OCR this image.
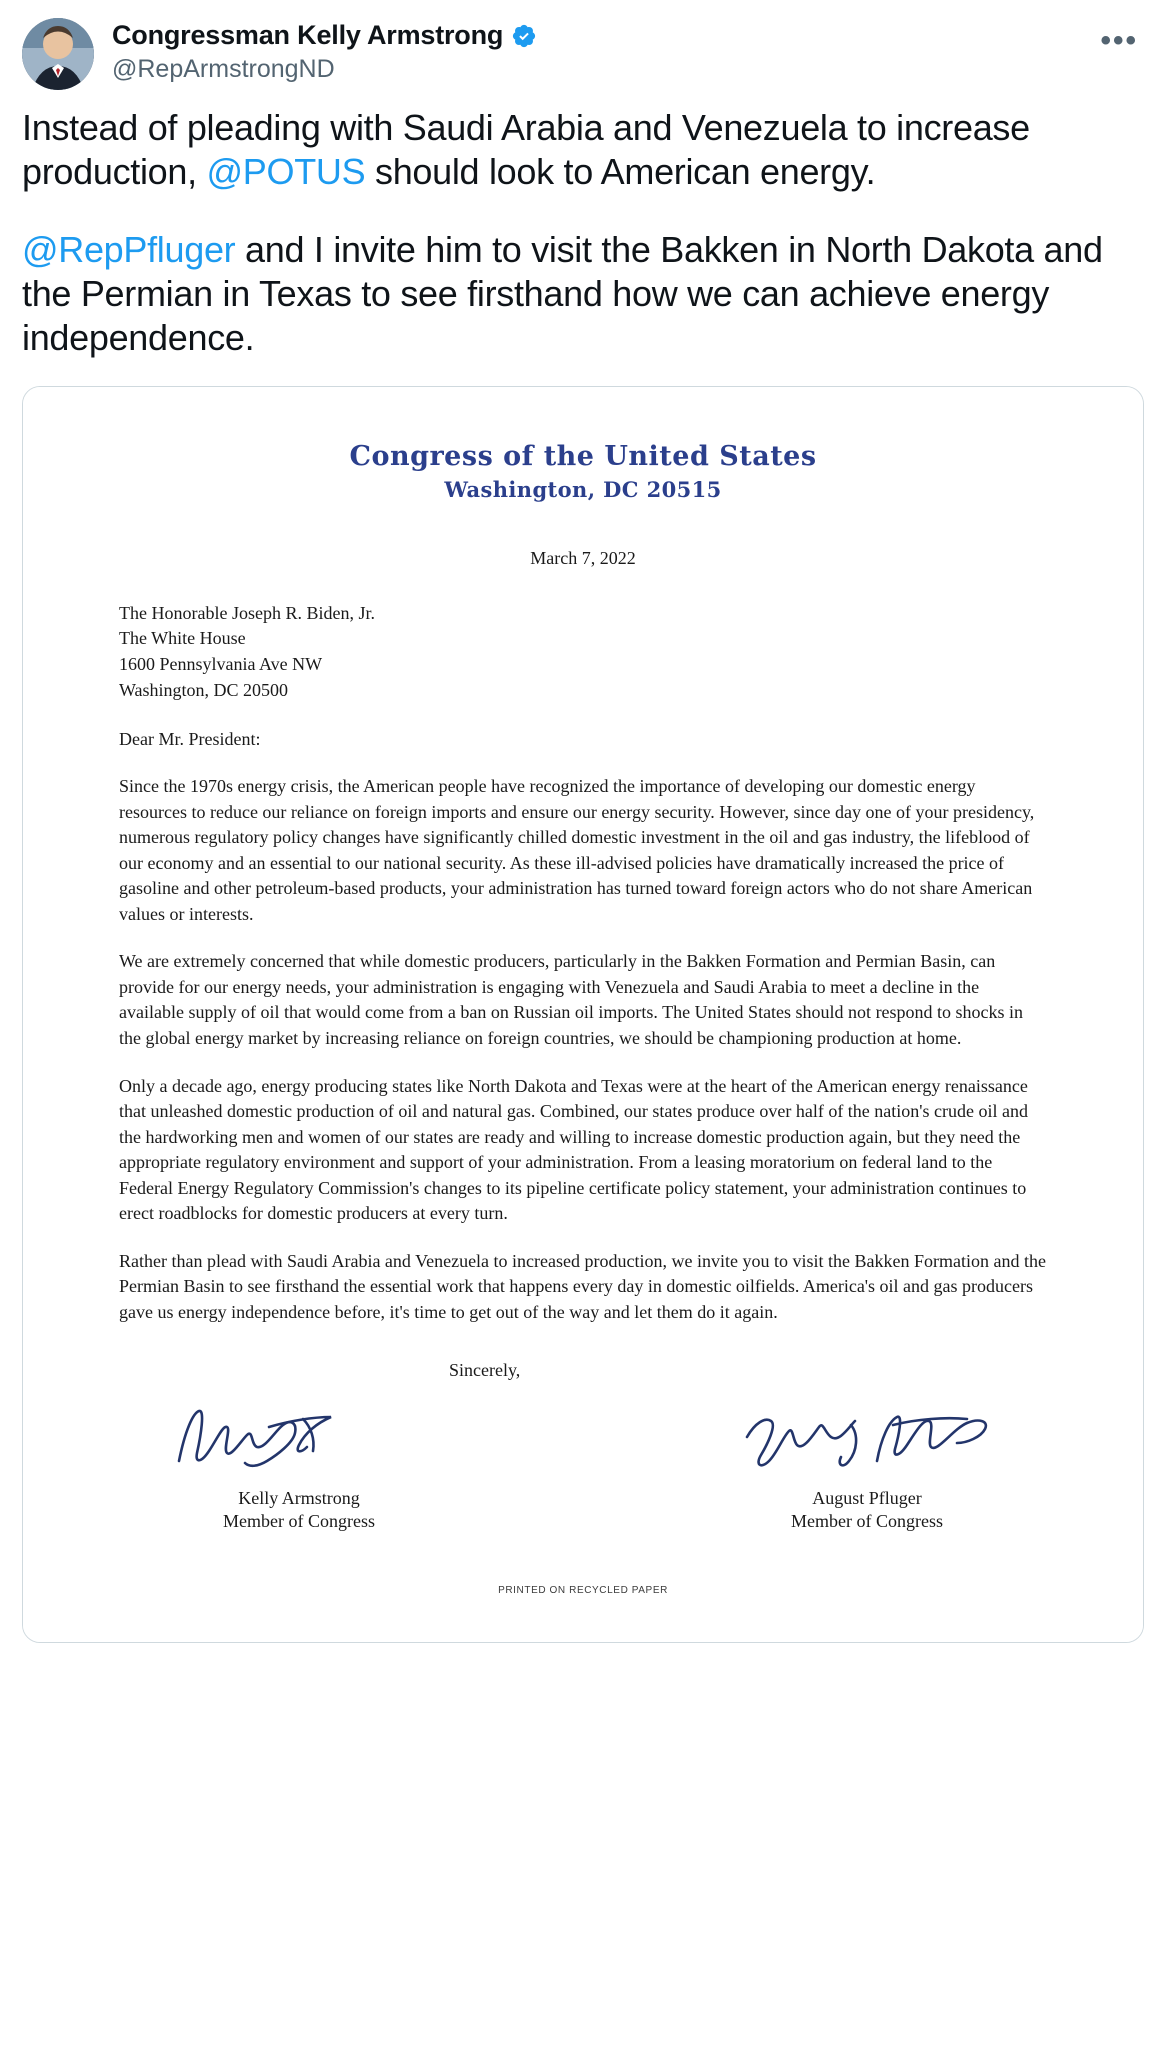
Congressman Kelly Armstrong
@RepArmstrongND
•••
Instead of pleading with Saudi Arabia and Venezuela to increase production, @POTUS should look to American energy.
@RepPfluger and I invite him to visit the Bakken in North Dakota and the Permian in Texas to see firsthand how we can achieve energy independence.
Congress of the United States
Washington, DC 20515
March 7, 2022
The Honorable Joseph R. Biden, Jr.
The White House
1600 Pennsylvania Ave NW
Washington, DC 20500
Dear Mr. President:
Since the 1970s energy crisis, the American people have recognized the importance of developing our domestic energy resources to reduce our reliance on foreign imports and ensure our energy security. However, since day one of your presidency, numerous regulatory policy changes have significantly chilled domestic investment in the oil and gas industry, the lifeblood of our economy and an essential to our national security. As these ill-advised policies have dramatically increased the price of gasoline and other petroleum-based products, your administration has turned toward foreign actors who do not share American values or interests.
We are extremely concerned that while domestic producers, particularly in the Bakken Formation and Permian Basin, can provide for our energy needs, your administration is engaging with Venezuela and Saudi Arabia to meet a decline in the available supply of oil that would come from a ban on Russian oil imports. The United States should not respond to shocks in the global energy market by increasing reliance on foreign countries, we should be championing production at home.
Only a decade ago, energy producing states like North Dakota and Texas were at the heart of the American energy renaissance that unleashed domestic production of oil and natural gas. Combined, our states produce over half of the nation's crude oil and the hardworking men and women of our states are ready and willing to increase domestic production again, but they need the appropriate regulatory environment and support of your administration. From a leasing moratorium on federal land to the Federal Energy Regulatory Commission's changes to its pipeline certificate policy statement, your administration continues to erect roadblocks for domestic producers at every turn.
Rather than plead with Saudi Arabia and Venezuela to increased production, we invite you to visit the Bakken Formation and the Permian Basin to see firsthand the essential work that happens every day in domestic oilfields. America's oil and gas producers gave us energy independence before, it's time to get out of the way and let them do it again.
Sincerely,
Kelly Armstrong
Member of Congress
August Pfluger
Member of Congress
PRINTED ON RECYCLED PAPER
